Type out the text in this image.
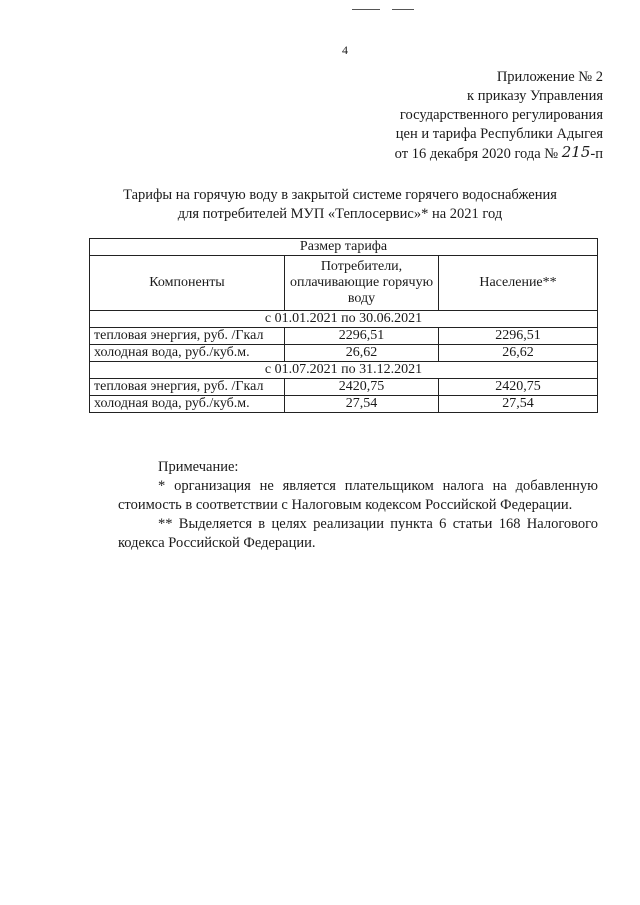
4
Приложение № 2
к приказу Управления
государственного регулирования
цен и тарифа Республики Адыгея
от 16 декабря 2020 года № 215-п
Тарифы на горячую воду в закрытой системе горячего водоснабжения
для потребителей МУП «Теплосервис»* на 2021 год
Размер тарифа		
Компоненты	Потребители, оплачивающие горячую воду	Население**
с 01.01.2021 по 30.06.2021		
тепловая энергия, руб. /Гкал	2296,51	2296,51
холодная вода, руб./куб.м.	26,62	26,62
с 01.07.2021 по 31.12.2021		
тепловая энергия, руб. /Гкал	2420,75	2420,75
холодная вода, руб./куб.м.	27,54	27,54

Примечание:

* организация не является плательщиком налога на добавленную стоимость в соответствии с Налоговым кодексом Российской Федерации.

** Выделяется в целях реализации пункта 6 статьи 168 Налогового кодекса Российской Федерации.
